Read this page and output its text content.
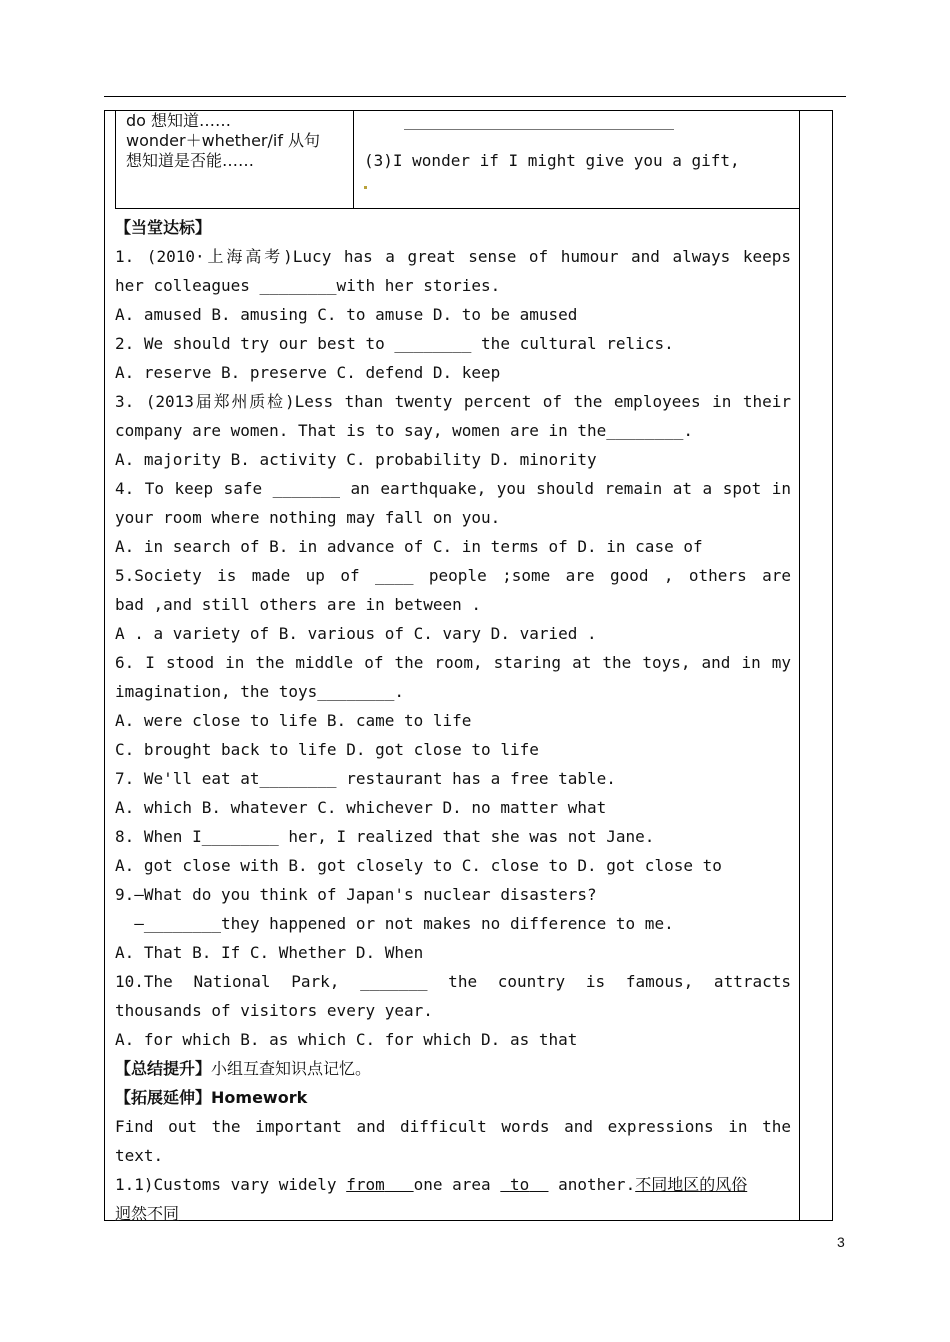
do 想知道……
wonder＋whether/if 从句
想知道是否能……	(3)I wonder if I might give you a gift,
【当堂达标】
1. (2010·上海高考)Lucy has a great sense of humour and always keeps
her colleagues ________with her stories.
A. amused B. amusing C. to amuse D. to be amused
2. We should try our best to ________ the cultural relics.
A. reserve B. preserve C. defend D. keep
3. (2013届郑州质检)Less than twenty percent of the employees in their
company are women. That is to say, women are in the________.
A. majority B. activity C. probability D. minority
4. To keep safe _______ an earthquake, you should remain at a spot in
your room where nothing may fall on you.
A. in search of B. in advance of C. in terms of D. in case of
5.Society is made up of ____ people ;some are good , others are
bad ,and still others are in between .
A . a variety of B. various of C. vary D. varied .
6. I stood in the middle of the room, staring at the toys, and in my
imagination, the toys________.
A. were close to life B. came to life
C. brought back to life D. got close to life
7. We'll eat at________ restaurant has a free table.
A. which B. whatever C. whichever D. no matter what
8. When I________ her, I realized that she was not Jane.
A. got close with B. got closely to C. close to D. got close to
9.—What do you think of Japan's nuclear disasters?
—________they happened or not makes no difference to me.
A. That B. If C. Whether D. When
10.The National Park, _______ the country is famous, attracts
thousands of visitors every year.
A. for which B. as which C. for which D. as that
【总结提升】小组互查知识点记忆。
【拓展延伸】Homework
Find out the important and difficult words and expressions in the
text.
1.1)Customs vary widely from one area  to   another.不同地区的风俗
迥然不同
3
